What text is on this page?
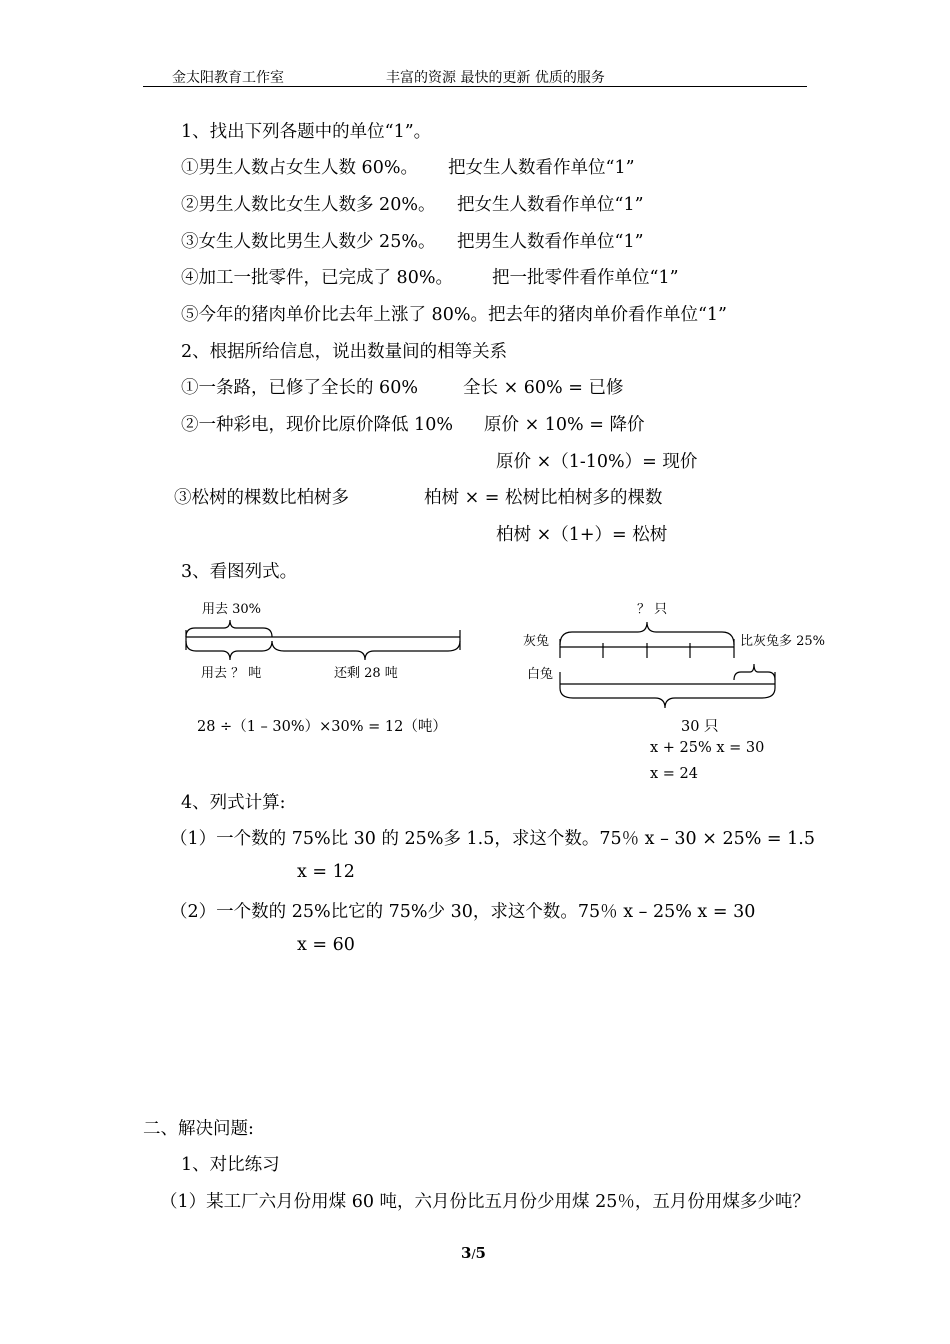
金太阳教育工作室	丰富的资源 最快的更新 优质的服务
1、找出下列各题中的单位“1”。
①男生人数占女生人数 60%。 把女生人数看作单位“1”
②男生人数比女生人数多 20%。 把女生人数看作单位“1”
③女生人数比男生人数少 25%。 把男生人数看作单位“1”
④加工一批零件，已完成了 80%。 把一批零件看作单位“1”
⑤今年的猪肉单价比去年上涨了 80%。把去年的猪肉单价看作单位“1”
2、根据所给信息，说出数量间的相等关系
①一条路，已修了全长的 60%	全长 × 60% = 已修
②一种彩电，现价比原价降低 10% 原价 × 10% = 降价
原价 ×（1-10%）= 现价
③松树的棵数比柏树多	柏树 × = 松树比柏树多的棵数
柏树 ×（1+）= 松树
3、看图列式。
用去 30%
用去 ？ 吨	还剩 28 吨
28 ÷（1 – 30%）×30% = 12（吨）
？ 只
灰兔
白兔
比灰兔多 25%
30 只
x + 25% x = 30
x = 24
4、列式计算:
（1）一个数的 75%比 30 的 25%多 1.5，求这个数。75％ x – 30 × 25% = 1.5
x = 12
（2）一个数的 25%比它的 75%少 30，求这个数。75％ x – 25% x = 30
x = 60
二、解决问题:
1、对比练习
（1）某工厂六月份用煤 60 吨，六月份比五月份少用煤 25％，五月份用煤多少吨？
3/5
